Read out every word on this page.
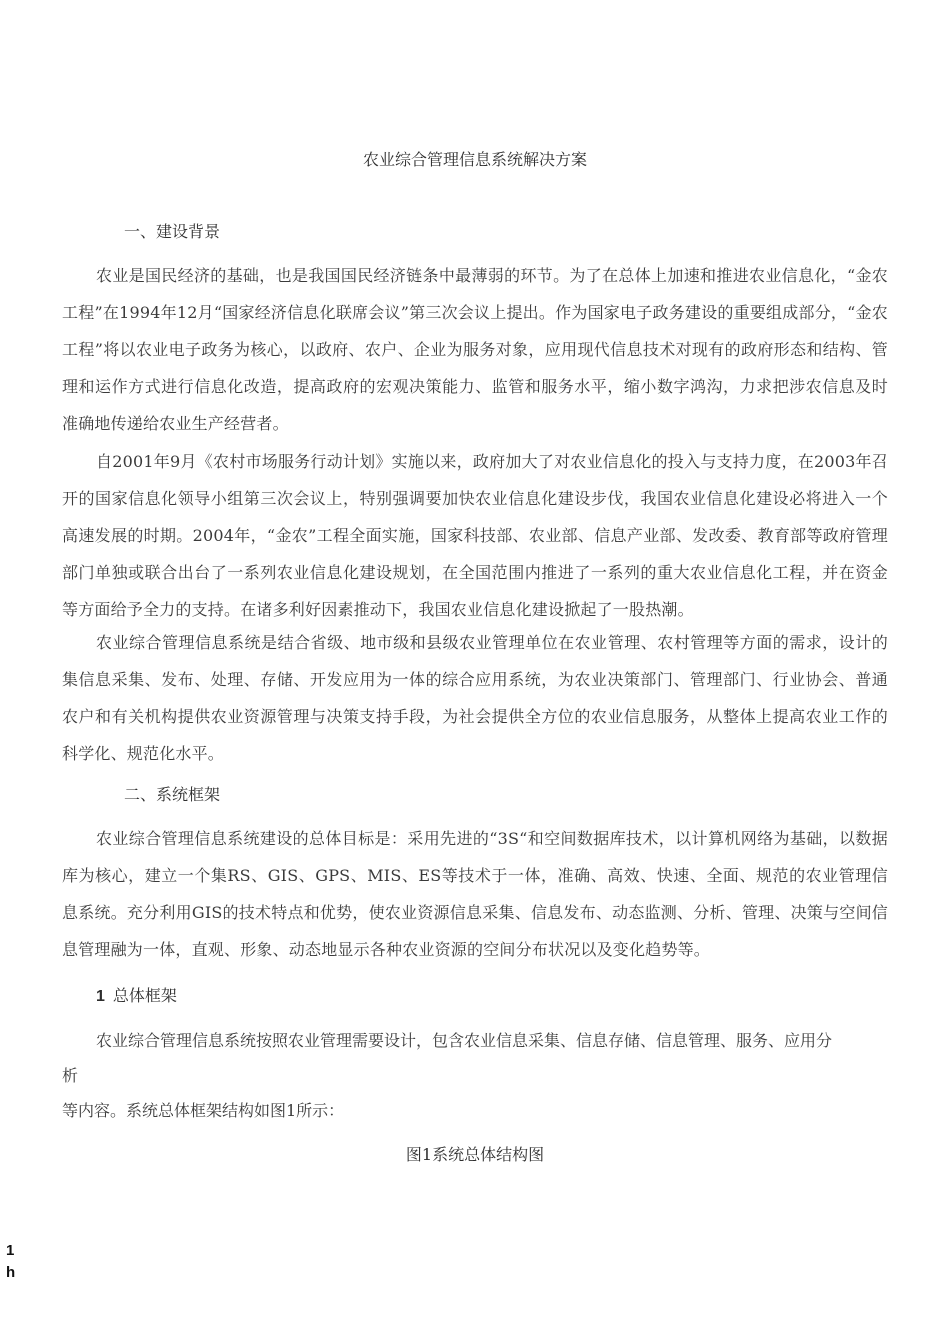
农业综合管理信息系统解决方案
一、建设背景

农业是国民经济的基础，也是我国国民经济链条中最薄弱的环节。为了在总体上加速和推进农业信息化，“金农工程”在1994年12月“国家经济信息化联席会议”第三次会议上提出。作为国家电子政务建设的重要组成部分，“金农工程”将以农业电子政务为核心，以政府、农户、企业为服务对象，应用现代信息技术对现有的政府形态和结构、管理和运作方式进行信息化改造，提高政府的宏观决策能力、监管和服务水平，缩小数字鸿沟，力求把涉农信息及时准确地传递给农业生产经营者。

自2001年9月《农村市场服务行动计划》实施以来，政府加大了对农业信息化的投入与支持力度，在2003年召开的国家信息化领导小组第三次会议上，特别强调要加快农业信息化建设步伐，我国农业信息化建设必将进入一个高速发展的时期。2004年，“金农”工程全面实施，国家科技部、农业部、信息产业部、发改委、教育部等政府管理部门单独或联合出台了一系列农业信息化建设规划，在全国范围内推进了一系列的重大农业信息化工程，并在资金等方面给予全力的支持。在诸多利好因素推动下，我国农业信息化建设掀起了一股热潮。

农业综合管理信息系统是结合省级、地市级和县级农业管理单位在农业管理、农村管理等方面的需求，设计的集信息采集、发布、处理、存储、开发应用为一体的综合应用系统，为农业决策部门、管理部门、行业协会、普通农户和有关机构提供农业资源管理与决策支持手段，为社会提供全方位的农业信息服务，从整体上提高农业工作的科学化、规范化水平。

二、系统框架

农业综合管理信息系统建设的总体目标是：采用先进的“3S“和空间数据库技术，以计算机网络为基础，以数据库为核心，建立一个集RS、GIS、GPS、MIS、ES等技术于一体，准确、高效、快速、全面、规范的农业管理信息系统。充分利用GIS的技术特点和优势，使农业资源信息采集、信息发布、动态监测、分析、管理、决策与空间信息管理融为一体，直观、形象、动态地显示各种农业资源的空间分布状况以及变化趋势等。

1 总体框架
农业综合管理信息系统按照农业管理需要设计，包含农业信息采集、信息存储、信息管理、服务、应用分
析
等内容。系统总体框架结构如图1所示：
图1系统总体结构图
1h
